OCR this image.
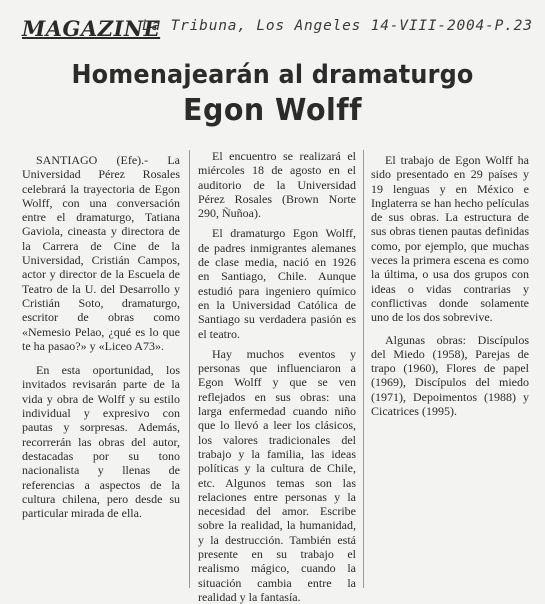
MAGAZINE
La Tribuna, Los Angeles 14-VIII-2004-P.23
Homenajearán al dramaturgo
Egon Wolff

SANTIAGO (Efe).- La Universidad Pérez Rosales celebrará la trayectoria de Egon Wolff, con una conversación entre el dramaturgo, Tatiana Gaviola, cineasta y directora de la Carrera de Cine de la Universidad, Cristián Campos, actor y director de la Escuela de Teatro de la U. del Desarrollo y Cristián Soto, dramaturgo, escritor de obras como «Nemesio Pelao, ¿qué es lo que te ha pasao?» y «Liceo A73».

En esta oportunidad, los invitados revisarán parte de la vida y obra de Wolff y su estilo individual y expresivo con pautas y sorpresas. Además, recorrerán las obras del autor, destacadas por su tono nacionalista y llenas de referencias a aspectos de la cultura chilena, pero desde su particular mirada de ella.

El encuentro se realizará el miércoles 18 de agosto en el auditorio de la Universidad Pérez Rosales (Brown Norte 290, Ñuñoa).

El dramaturgo Egon Wolff, de padres inmigrantes alemanes de clase media, nació en 1926 en Santiago, Chile. Aunque estudió para ingeniero químico en la Universidad Católica de Santiago su verdadera pasión es el teatro.

Hay muchos eventos y personas que influenciaron a Egon Wolff y que se ven reflejados en sus obras: una larga enfermedad cuando niño que lo llevó a leer los clásicos, los valores tradicionales del trabajo y la familia, las ideas políticas y la cultura de Chile, etc. Algunos temas son las relaciones entre personas y la necesidad del amor. Escribe sobre la realidad, la humanidad, y la destrucción. También está presente en su trabajo el realismo mágico, cuando la situación cambia entre la realidad y la fantasía.

El trabajo de Egon Wolff ha sido presentado en 29 países y 19 lenguas y en México e Inglaterra se han hecho películas de sus obras. La estructura de sus obras tienen pautas definidas como, por ejemplo, que muchas veces la primera escena es como la última, o usa dos grupos con ideas o vidas contrarias y conflictivas donde solamente uno de los dos sobrevive.

Algunas obras: Discípulos del Miedo (1958), Parejas de trapo (1960), Flores de papel (1969), Discípulos del miedo (1971), Depoimentos (1988) y Cicatrices (1995).
